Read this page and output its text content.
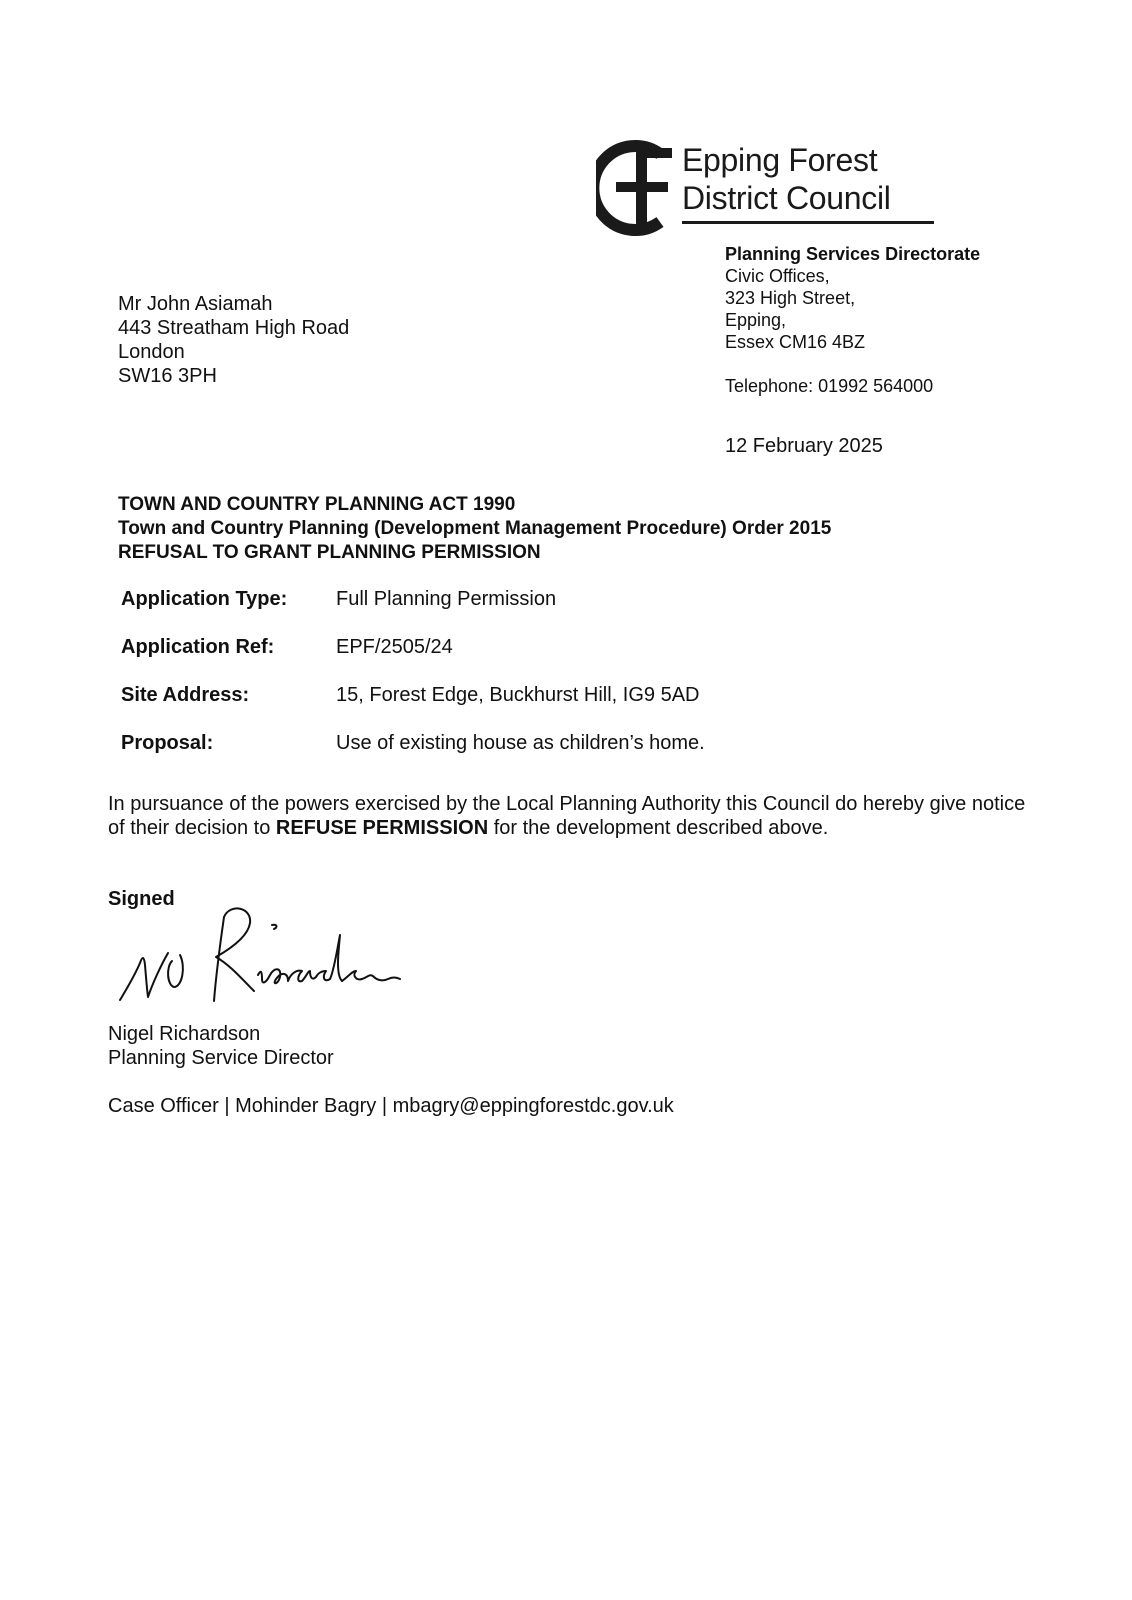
Epping Forest
District Council
Planning Services Directorate
Civic Offices,
323 High Street,
Epping,
Essex CM16 4BZ
Telephone: 01992 564000
12 February 2025
Mr John Asiamah
443 Streatham High Road
London
SW16 3PH
TOWN AND COUNTRY PLANNING ACT 1990
Town and Country Planning (Development Management Procedure) Order 2015
REFUSAL TO GRANT PLANNING PERMISSION
Application Type: Full Planning Permission
Application Ref:	EPF/2505/24
Site Address:	15, Forest Edge, Buckhurst Hill, IG9 5AD
Proposal:	Use of existing house as children’s home.
In pursuance of the powers exercised by the Local Planning Authority this Council do hereby give notice of their decision to REFUSE PERMISSION for the development described above.
Signed
Nigel Richardson
Planning Service Director
Case Officer | Mohinder Bagry | mbagry@eppingforestdc.gov.uk
